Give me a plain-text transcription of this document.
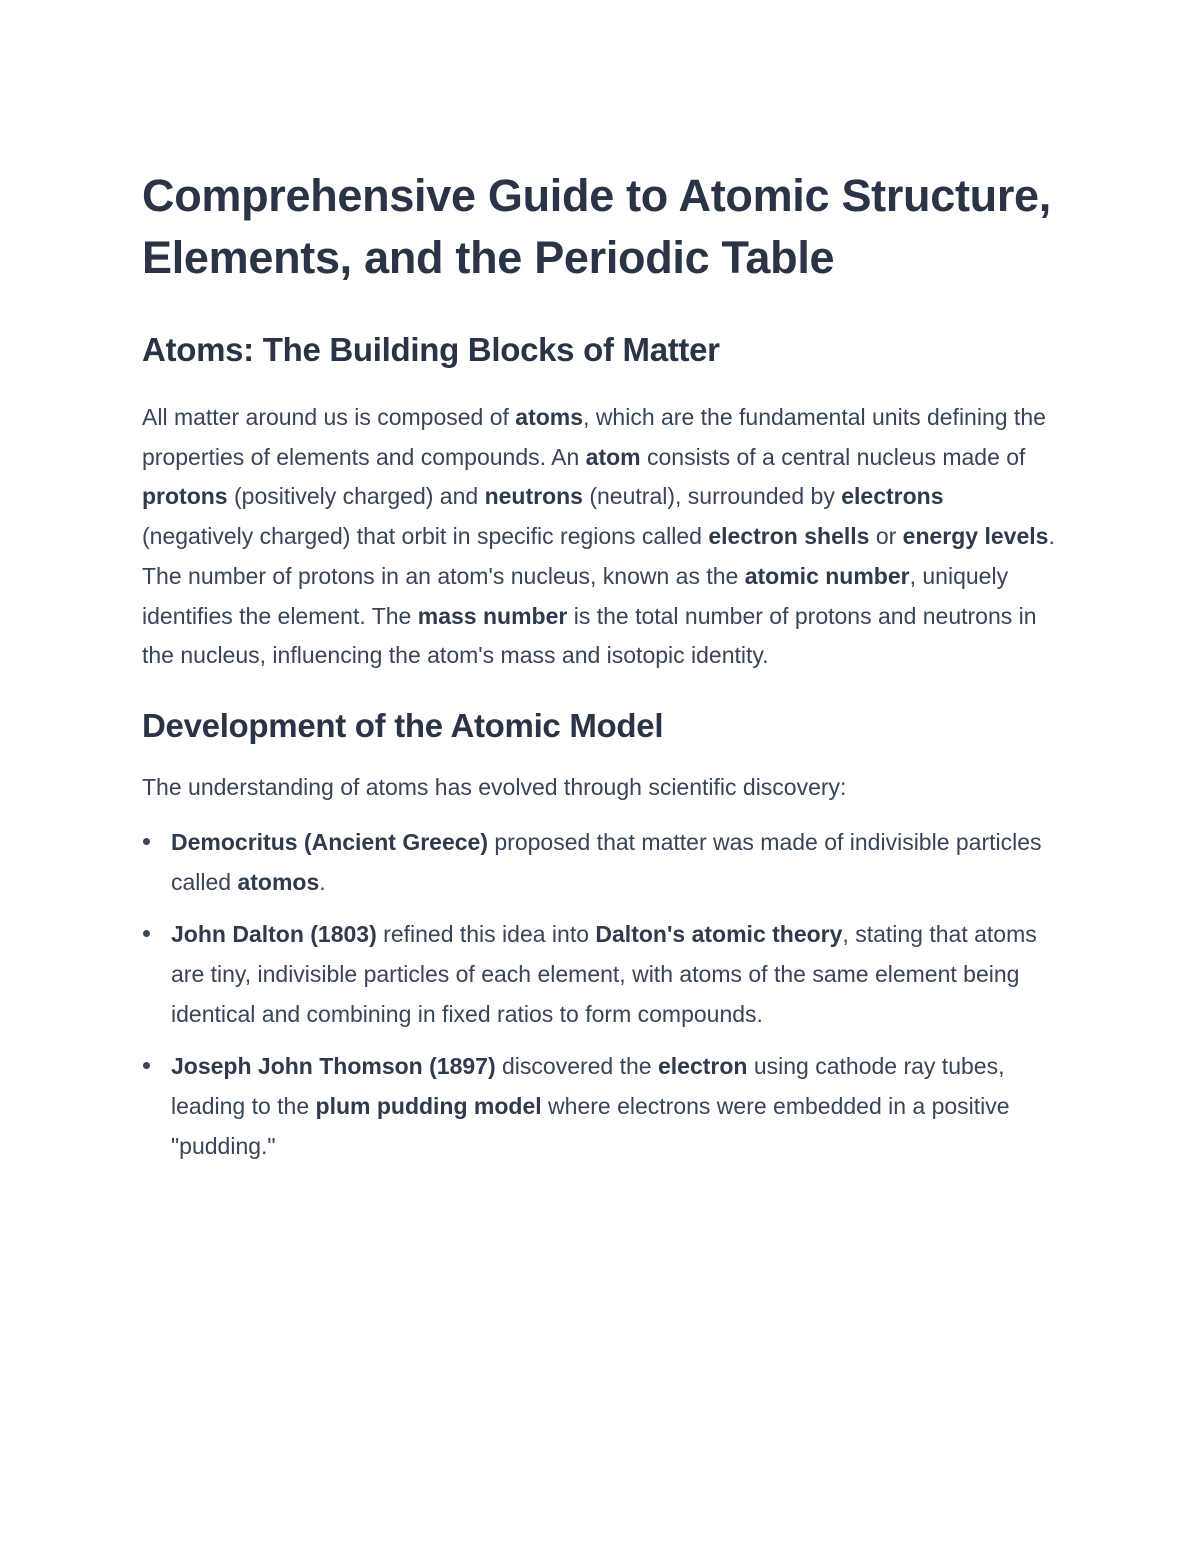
Comprehensive Guide to Atomic Structure, Elements, and the Periodic Table
Atoms: The Building Blocks of Matter

All matter around us is composed of atoms, which are the fundamental units defining the properties of elements and compounds. An atom consists of a central nucleus made of protons (positively charged) and neutrons (neutral), surrounded by electrons (negatively charged) that orbit in specific regions called electron shells or energy levels. The number of protons in an atom's nucleus, known as the atomic number, uniquely identifies the element. The mass number is the total number of protons and neutrons in the nucleus, influencing the atom's mass and isotopic identity.

Development of the Atomic Model

The understanding of atoms has evolved through scientific discovery:

Democritus (Ancient Greece) proposed that matter was made of indivisible particles called atomos.
John Dalton (1803) refined this idea into Dalton's atomic theory, stating that atoms are tiny, indivisible particles of each element, with atoms of the same element being identical and combining in fixed ratios to form compounds.
Joseph John Thomson (1897) discovered the electron using cathode ray tubes, leading to the plum pudding model where electrons were embedded in a positive "pudding."
